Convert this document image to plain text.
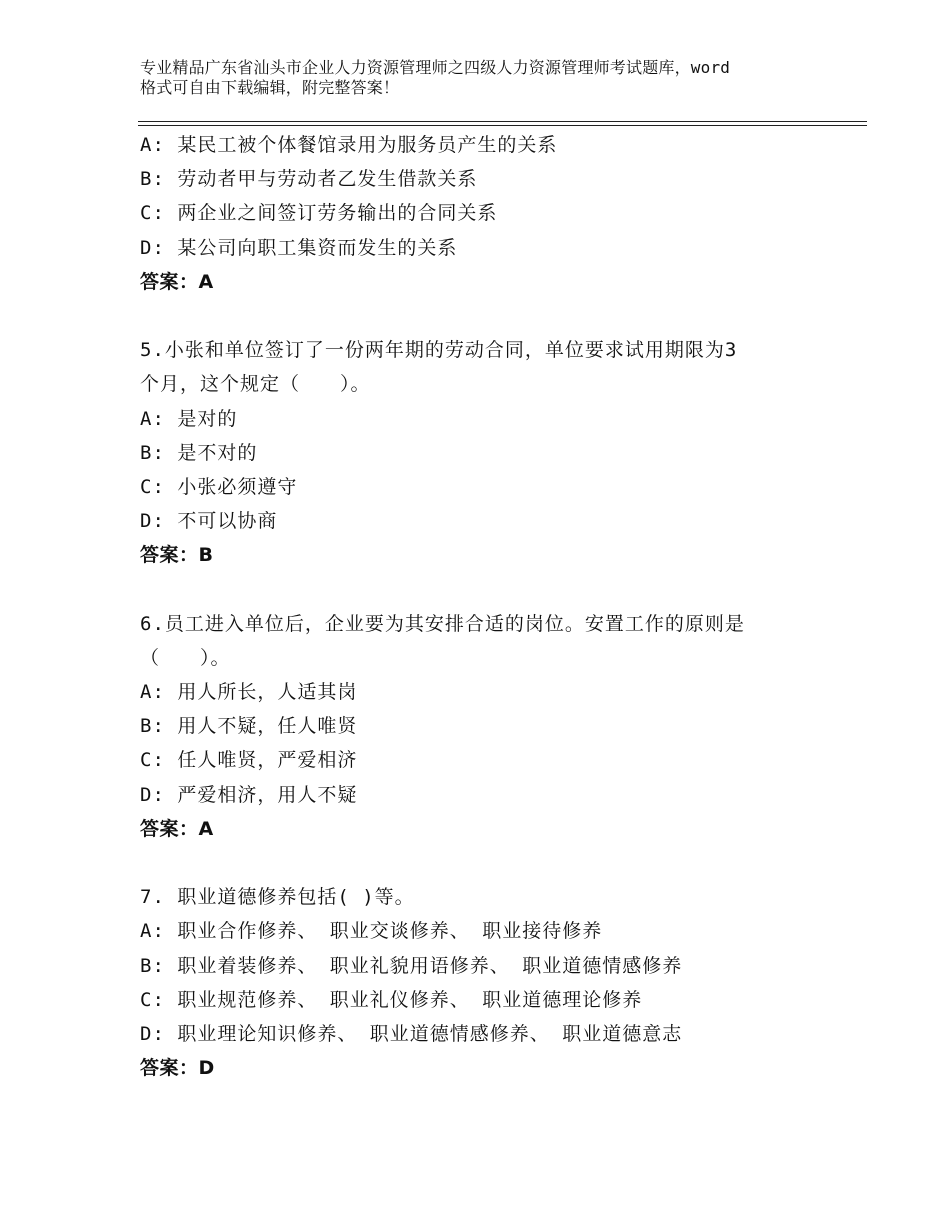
专业精品广东省汕头市企业人力资源管理师之四级人力资源管理师考试题库，word
格式可自由下载编辑，附完整答案！
A: 某民工被个体餐馆录用为服务员产生的关系
B: 劳动者甲与劳动者乙发生借款关系
C: 两企业之间签订劳务输出的合同关系
D: 某公司向职工集资而发生的关系
答案：A
5.小张和单位签订了一份两年期的劳动合同，单位要求试用期限为3
个月，这个规定（　　）。
A: 是对的
B: 是不对的
C: 小张必须遵守
D: 不可以协商
答案：B
6.员工进入单位后，企业要为其安排合适的岗位。安置工作的原则是
（　　）。
A: 用人所长，人适其岗
B: 用人不疑，任人唯贤
C: 任人唯贤，严爱相济
D: 严爱相济，用人不疑
答案：A
7. 职业道德修养包括( )等。
A: 职业合作修养、 职业交谈修养、 职业接待修养
B: 职业着装修养、 职业礼貌用语修养、 职业道德情感修养
C: 职业规范修养、 职业礼仪修养、 职业道德理论修养
D: 职业理论知识修养、 职业道德情感修养、 职业道德意志
答案：D
